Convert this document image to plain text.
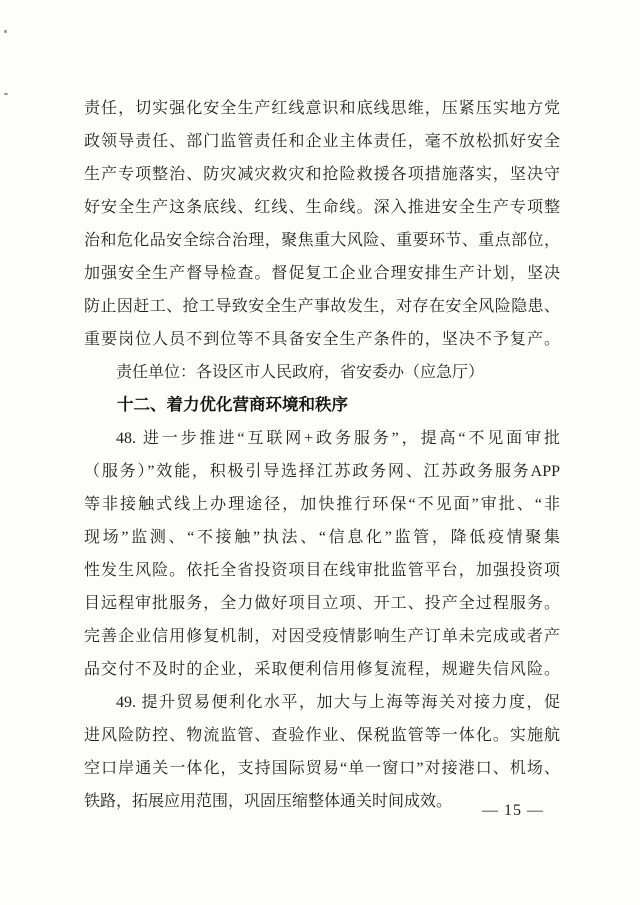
责任，切实强化安全生产红线意识和底线思维，压紧压实地方党
政领导责任、部门监管责任和企业主体责任，毫不放松抓好安全
生产专项整治、防灾减灾救灾和抢险救援各项措施落实，坚决守
好安全生产这条底线、红线、生命线。深入推进安全生产专项整
治和危化品安全综合治理，聚焦重大风险、重要环节、重点部位，
加强安全生产督导检查。督促复工企业合理安排生产计划，坚决
防止因赶工、抢工导致安全生产事故发生，对存在安全风险隐患、
重要岗位人员不到位等不具备安全生产条件的，坚决不予复产。
责任单位：各设区市人民政府，省安委办（应急厅）
十二、着力优化营商环境和秩序
48. 进一步推进“互联网+政务服务”，提高“不见面审批
（服务）”效能，积极引导选择江苏政务网、江苏政务服务APP
等非接触式线上办理途径，加快推行环保“不见面”审批、“非
现场”监测、“不接触”执法、“信息化”监管，降低疫情聚集
性发生风险。依托全省投资项目在线审批监管平台，加强投资项
目远程审批服务，全力做好项目立项、开工、投产全过程服务。
完善企业信用修复机制，对因受疫情影响生产订单未完成或者产
品交付不及时的企业，采取便利信用修复流程，规避失信风险。
49. 提升贸易便利化水平，加大与上海等海关对接力度，促
进风险防控、物流监管、查验作业、保税监管等一体化。实施航
空口岸通关一体化，支持国际贸易“单一窗口”对接港口、机场、
铁路，拓展应用范围，巩固压缩整体通关时间成效。
— 15 —
